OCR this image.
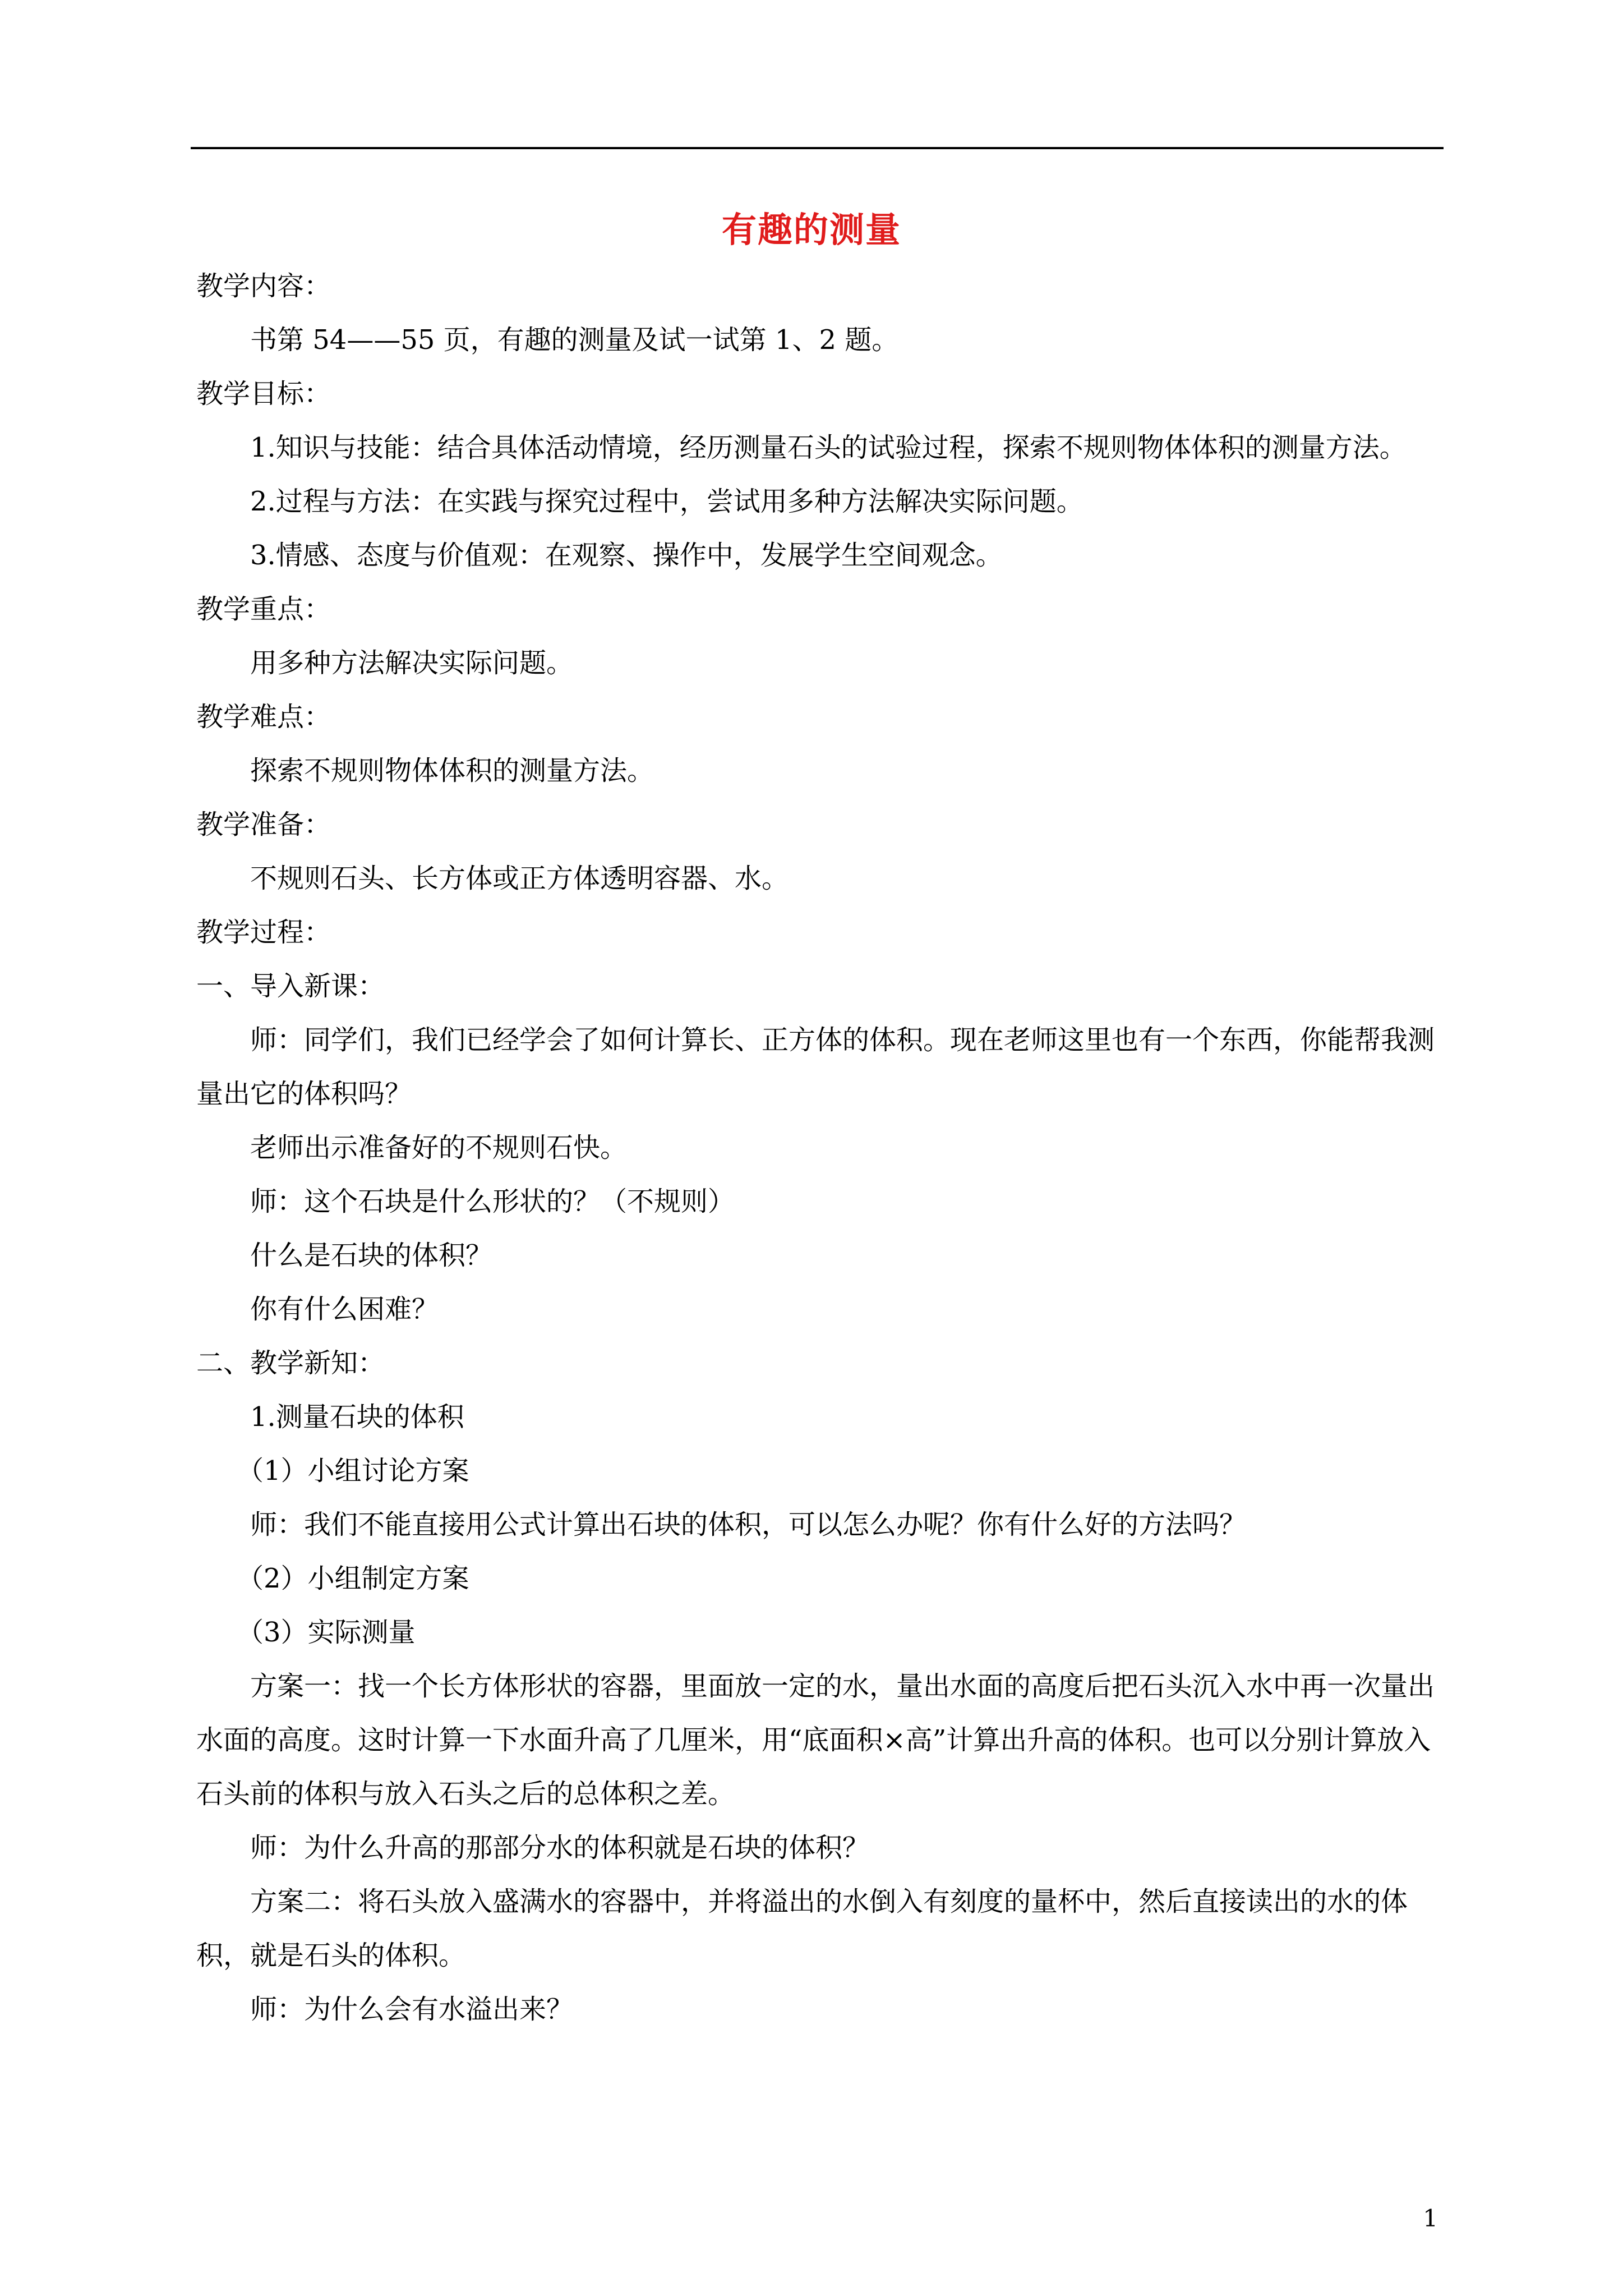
有趣的测量

教学内容：

书第 54——55 页，有趣的测量及试一试第 1、2 题。

教学目标：

1.知识与技能：结合具体活动情境，经历测量石头的试验过程，探索不规则物体体积的测量方法。

2.过程与方法：在实践与探究过程中，尝试用多种方法解决实际问题。

3.情感、态度与价值观：在观察、操作中，发展学生空间观念。

教学重点：

用多种方法解决实际问题。

教学难点：

探索不规则物体体积的测量方法。

教学准备：

不规则石头、长方体或正方体透明容器、水。

教学过程：

一、导入新课：

师：同学们，我们已经学会了如何计算长、正方体的体积。现在老师这里也有一个东西，你能帮我测量出它的体积吗？

老师出示准备好的不规则石快。

师：这个石块是什么形状的？（不规则）

什么是石块的体积？

你有什么困难？

二、教学新知：

1.测量石块的体积

（1）小组讨论方案

师：我们不能直接用公式计算出石块的体积，可以怎么办呢？你有什么好的方法吗？

（2）小组制定方案

（3）实际测量

方案一：找一个长方体形状的容器，里面放一定的水，量出水面的高度后把石头沉入水中再一次量出水面的高度。这时计算一下水面升高了几厘米，用“底面积×高”计算出升高的体积。也可以分别计算放入石头前的体积与放入石头之后的总体积之差。

师：为什么升高的那部分水的体积就是石块的体积？

方案二：将石头放入盛满水的容器中，并将溢出的水倒入有刻度的量杯中，然后直接读出的水的体积，就是石头的体积。

师：为什么会有水溢出来？

1
